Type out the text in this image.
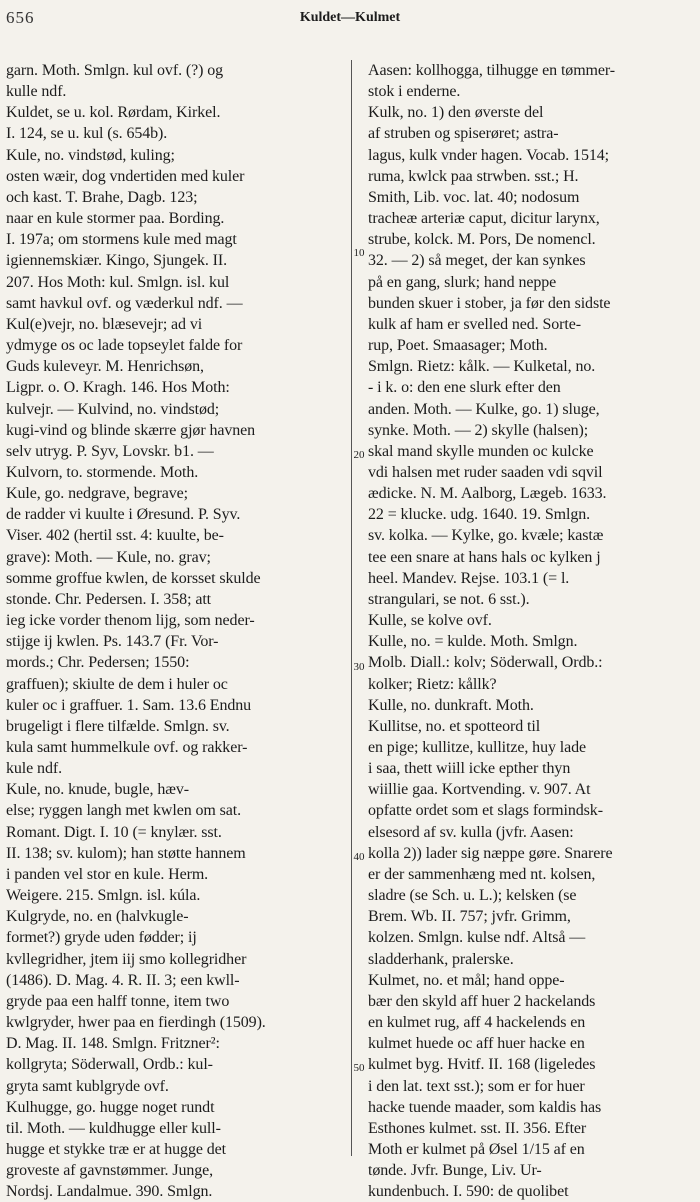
656	Kuldet—Kulmet
garn. Moth. Smlgn. kul ovf. (?) og
kulle ndf.
Kuldet, se u. kol. Rørdam, Kirkel.
I. 124, se u. kul (s. 654b).
Kule, no. vindstød, kuling;
osten wæir, dog vndertiden med kuler
och kast. T. Brahe, Dagb. 123;
naar en kule stormer paa. Bording.
I. 197a; om stormens kule med magt
igiennemskiær. Kingo, Sjungek. II.
207. Hos Moth: kul. Smlgn. isl. kul
samt havkul ovf. og væderkul ndf. —
Kul(e)vejr, no. blæsevejr; ad vi
ydmyge os oc lade topseylet falde for
Guds kuleveyr. M. Henrichsøn,
Ligpr. o. O. Kragh. 146. Hos Moth:
kulvejr. — Kulvind, no. vindstød;
kugi-vind og blinde skærre gjør havnen
selv utryg. P. Syv, Lovskr. b1. —
Kulvorn, to. stormende. Moth.
Kule, go. nedgrave, begrave;
de radder vi kuulte i Øresund. P. Syv.
Viser. 402 (hertil sst. 4: kuulte, be-
grave): Moth. — Kule, no. grav;
somme groffue kwlen, de korsset skulde
stonde. Chr. Pedersen. I. 358; att
ieg icke vorder thenom lijg, som neder-
stijge ij kwlen. Ps. 143.7 (Fr. Vor-
mords.; Chr. Pedersen; 1550:
graffuen); skiulte de dem i huler oc
kuler oc i graffuer. 1. Sam. 13.6 Endnu
brugeligt i flere tilfælde. Smlgn. sv.
kula samt hummelkule ovf. og rakker-
kule ndf.
Kule, no. knude, bugle, hæv-
else; ryggen langh met kwlen om sat.
Romant. Digt. I. 10 (= knylær. sst.
II. 138; sv. kulom); han støtte hannem
i panden vel stor en kule. Herm.
Weigere. 215. Smlgn. isl. kúla.
Kulgryde, no. en (halvkugle-
formet?) gryde uden fødder; ij
kvllegridher, jtem iij smo kollegridher
(1486). D. Mag. 4. R. II. 3; een kwll-
gryde paa een halff tonne, item two
kwlgryder, hwer paa en fierdingh (1509).
D. Mag. II. 148. Smlgn. Fritzner²:
kollgryta; Söderwall, Ordb.: kul-
gryta samt kublgryde ovf.
Kulhugge, go. hugge noget rundt
til. Moth. — kuldhugge eller kull-
hugge et stykke træ er at hugge det
groveste af gavnstømmer. Junge,
Nordsj. Landalmue. 390. Smlgn.
Aasen: kollhogga, tilhugge en tømmer-
stok i enderne.
Kulk, no. 1) den øverste del
af struben og spiserøret; astra-
lagus, kulk vnder hagen. Vocab. 1514;
ruma, kwlck paa strwben. sst.; H.
Smith, Lib. voc. lat. 40; nodosum
tracheæ arteriæ caput, dicitur larynx,
strube, kolck. M. Pors, De nomencl.
32. — 2) så meget, der kan synkes
på en gang, slurk; hand neppe
bunden skuer i stober, ja før den sidste
kulk af ham er svelled ned. Sorte-
rup, Poet. Smaasager; Moth.
Smlgn. Rietz: kålk. — Kulketal, no.
- i k. o: den ene slurk efter den
anden. Moth. — Kulke, go. 1) sluge,
synke. Moth. — 2) skylle (halsen);
skal mand skylle munden oc kulcke
vdi halsen met ruder saaden vdi sqvil
ædicke. N. M. Aalborg, Lægeb. 1633.
22 = klucke. udg. 1640. 19. Smlgn.
sv. kolka. — Kylke, go. kvæle; kastæ
tee een snare at hans hals oc kylken j
heel. Mandev. Rejse. 103.1 (= l.
strangulari, se not. 6 sst.).
Kulle, se kolve ovf.
Kulle, no. = kulde. Moth. Smlgn.
Molb. Diall.: kolv; Söderwall, Ordb.:
kolker; Rietz: kållk?
Kulle, no. dunkraft. Moth.
Kullitse, no. et spotteord til
en pige; kullitze, kullitze, huy lade
i saa, thett wiill icke epther thyn
wiillie gaa. Kortvending. v. 907. At
opfatte ordet som et slags formindsk-
elsesord af sv. kulla (jvfr. Aasen:
kolla 2)) lader sig næppe gøre. Snarere
er der sammenhæng med nt. kolsen,
sladre (se Sch. u. L.); kelsken (se
Brem. Wb. II. 757; jvfr. Grimm,
kolzen. Smlgn. kulse ndf. Altså —
sladderhank, pralerske.
Kulmet, no. et mål; hand oppe-
bær den skyld aff huer 2 hackelands
en kulmet rug, aff 4 hackelends en
kulmet huede oc aff huer hacke en
kulmet byg. Hvitf. II. 168 (ligeledes
i den lat. text sst.); som er for huer
hacke tuende maader, som kaldis has
Esthones kulmet. sst. II. 356. Efter
Moth er kulmet på Øsel 1/15 af en
tønde. Jvfr. Bunge, Liv. Ur-
kundenbuch. I. 590: de quolibet
10
20
30
40
50
